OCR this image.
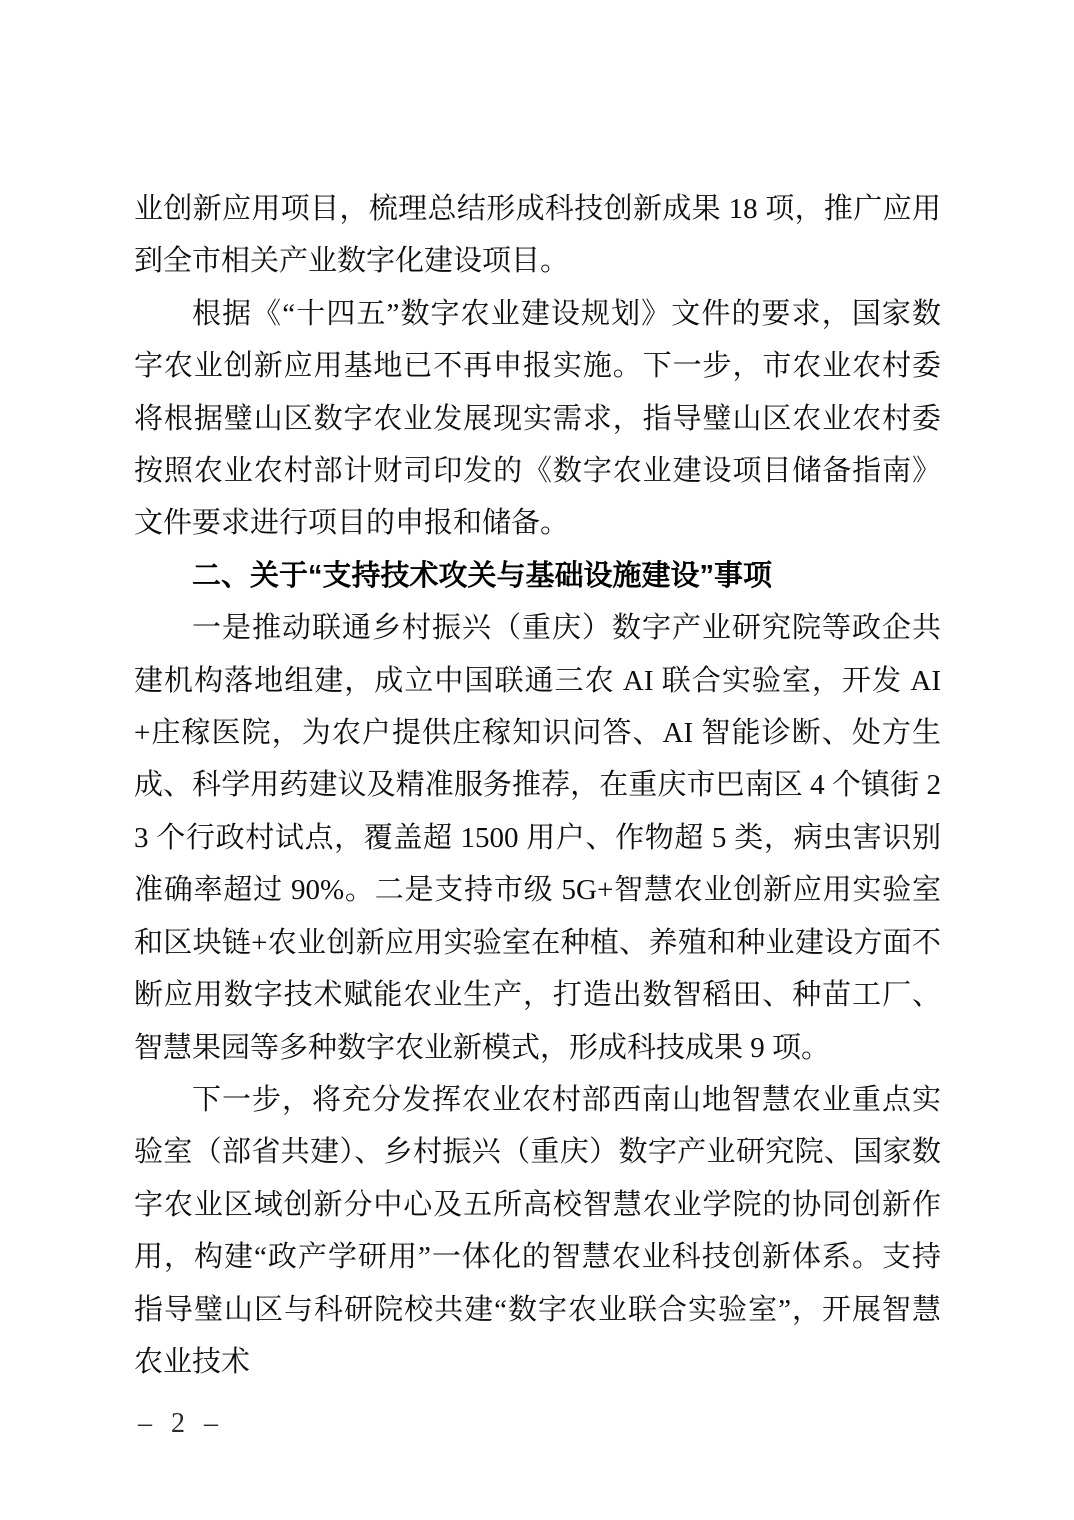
业创新应用项目，梳理总结形成科技创新成果 18 项，推广应用到全市相关产业数字化建设项目。

根据《“十四五”数字农业建设规划》文件的要求，国家数字农业创新应用基地已不再申报实施。下一步，市农业农村委将根据璧山区数字农业发展现实需求，指导璧山区农业农村委按照农业农村部计财司印发的《数字农业建设项目储备指南》文件要求进行项目的申报和储备。

二、关于“支持技术攻关与基础设施建设”事项

一是推动联通乡村振兴（重庆）数字产业研究院等政企共建机构落地组建，成立中国联通三农 AI 联合实验室，开发 AI+庄稼医院，为农户提供庄稼知识问答、AI 智能诊断、处方生成、科学用药建议及精准服务推荐，在重庆市巴南区 4 个镇街 23 个行政村试点，覆盖超 1500 用户、作物超 5 类，病虫害识别准确率超过 90%。二是支持市级 5G+智慧农业创新应用实验室和区块链+农业创新应用实验室在种植、养殖和种业建设方面不断应用数字技术赋能农业生产，打造出数智稻田、种苗工厂、智慧果园等多种数字农业新模式，形成科技成果 9 项。

下一步，将充分发挥农业农村部西南山地智慧农业重点实验室（部省共建）、乡村振兴（重庆）数字产业研究院、国家数字农业区域创新分中心及五所高校智慧农业学院的协同创新作用，构建“政产学研用”一体化的智慧农业科技创新体系。支持指导璧山区与科研院校共建“数字农业联合实验室”，开展智慧农业技术

– 2 –
